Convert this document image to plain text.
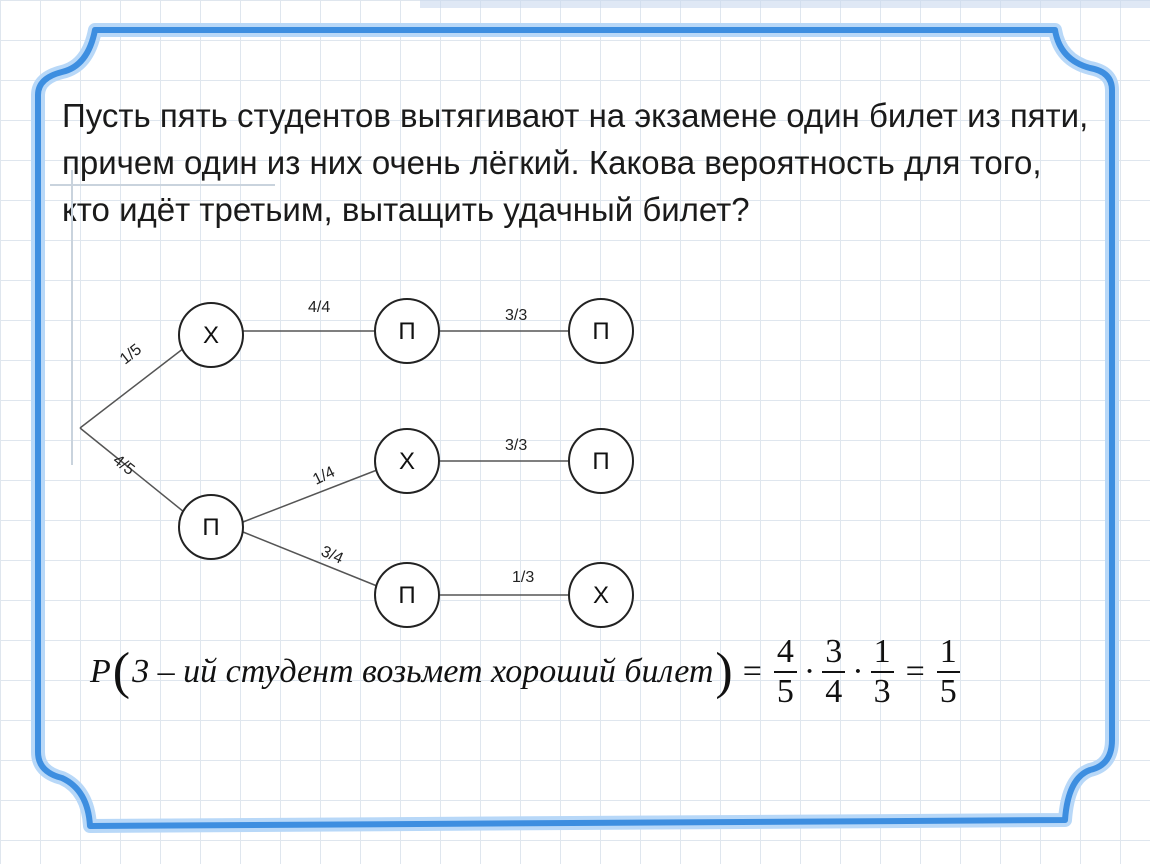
Пусть пять студентов вытягивают на экзамене один билет из пяти, причем один из них очень лёгкий. Какова вероятность для того, кто идёт третьим, вытащить удачный билет?

1/5
4/5
4/4	3/3
1/4
3/4
3/3
1/3
Х
П
П
Х
П
П
П
Х
P ( 3 – ий студент возьмет хороший билет ) = $\frac{4}{5} \cdot \frac{3}{4} \cdot \frac{1}{3} = \frac{1}{5}$
